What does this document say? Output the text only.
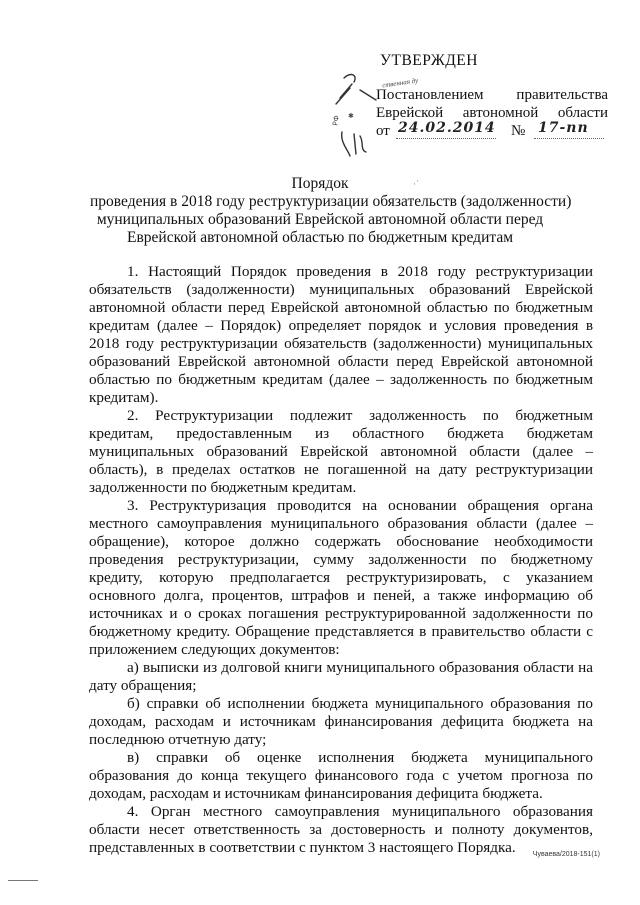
РФ ✱
ственная ду
УТВЕРЖДЕН
Постановлением правительства
Еврейской автономной области
от 24.02.2014 № 17-пп
·˙
Порядок
проведения в 2018 году реструктуризации обязательств (задолженности)
муниципальных образований Еврейской автономной области перед
Еврейской автономной областью по бюджетным кредитам

1. Настоящий Порядок проведения в 2018 году реструктуризации обязательств (задолженности) муниципальных образований Еврейской автономной области перед Еврейской автономной областью по бюджетным кредитам (далее – Порядок) определяет порядок и условия проведения в 2018 году реструктуризации обязательств (задолженности) муниципальных образований Еврейской автономной области перед Еврейской автономной областью по бюджетным кредитам (далее – задолженность по бюджетным кредитам).

2. Реструктуризации подлежит задолженность по бюджетным кредитам, предоставленным из областного бюджета бюджетам муниципальных образований Еврейской автономной области (далее – область), в пределах остатков не погашенной на дату реструктуризации задолженности по бюджетным кредитам.

3. Реструктуризация проводится на основании обращения органа местного самоуправления муниципального образования области (далее – обращение), которое должно содержать обоснование необходимости проведения реструктуризации, сумму задолженности по бюджетному кредиту, которую предполагается реструктуризировать, с указанием основного долга, процентов, штрафов и пеней, а также информацию об источниках и о сроках погашения реструктурированной задолженности по бюджетному кредиту. Обращение представляется в правительство области с приложением следующих документов:

а) выписки из долговой книги муниципального образования области на дату обращения;

б) справки об исполнении бюджета муниципального образования по доходам, расходам и источникам финансирования дефицита бюджета на последнюю отчетную дату;

в) справки об оценке исполнения бюджета муниципального образования до конца текущего финансового года с учетом прогноза по доходам, расходам и источникам финансирования дефицита бюджета.

4. Орган местного самоуправления муниципального образования области несет ответственность за достоверность и полноту документов, представленных в соответствии с пунктом 3 настоящего Порядка.	Чуваева/2018-151(1)
